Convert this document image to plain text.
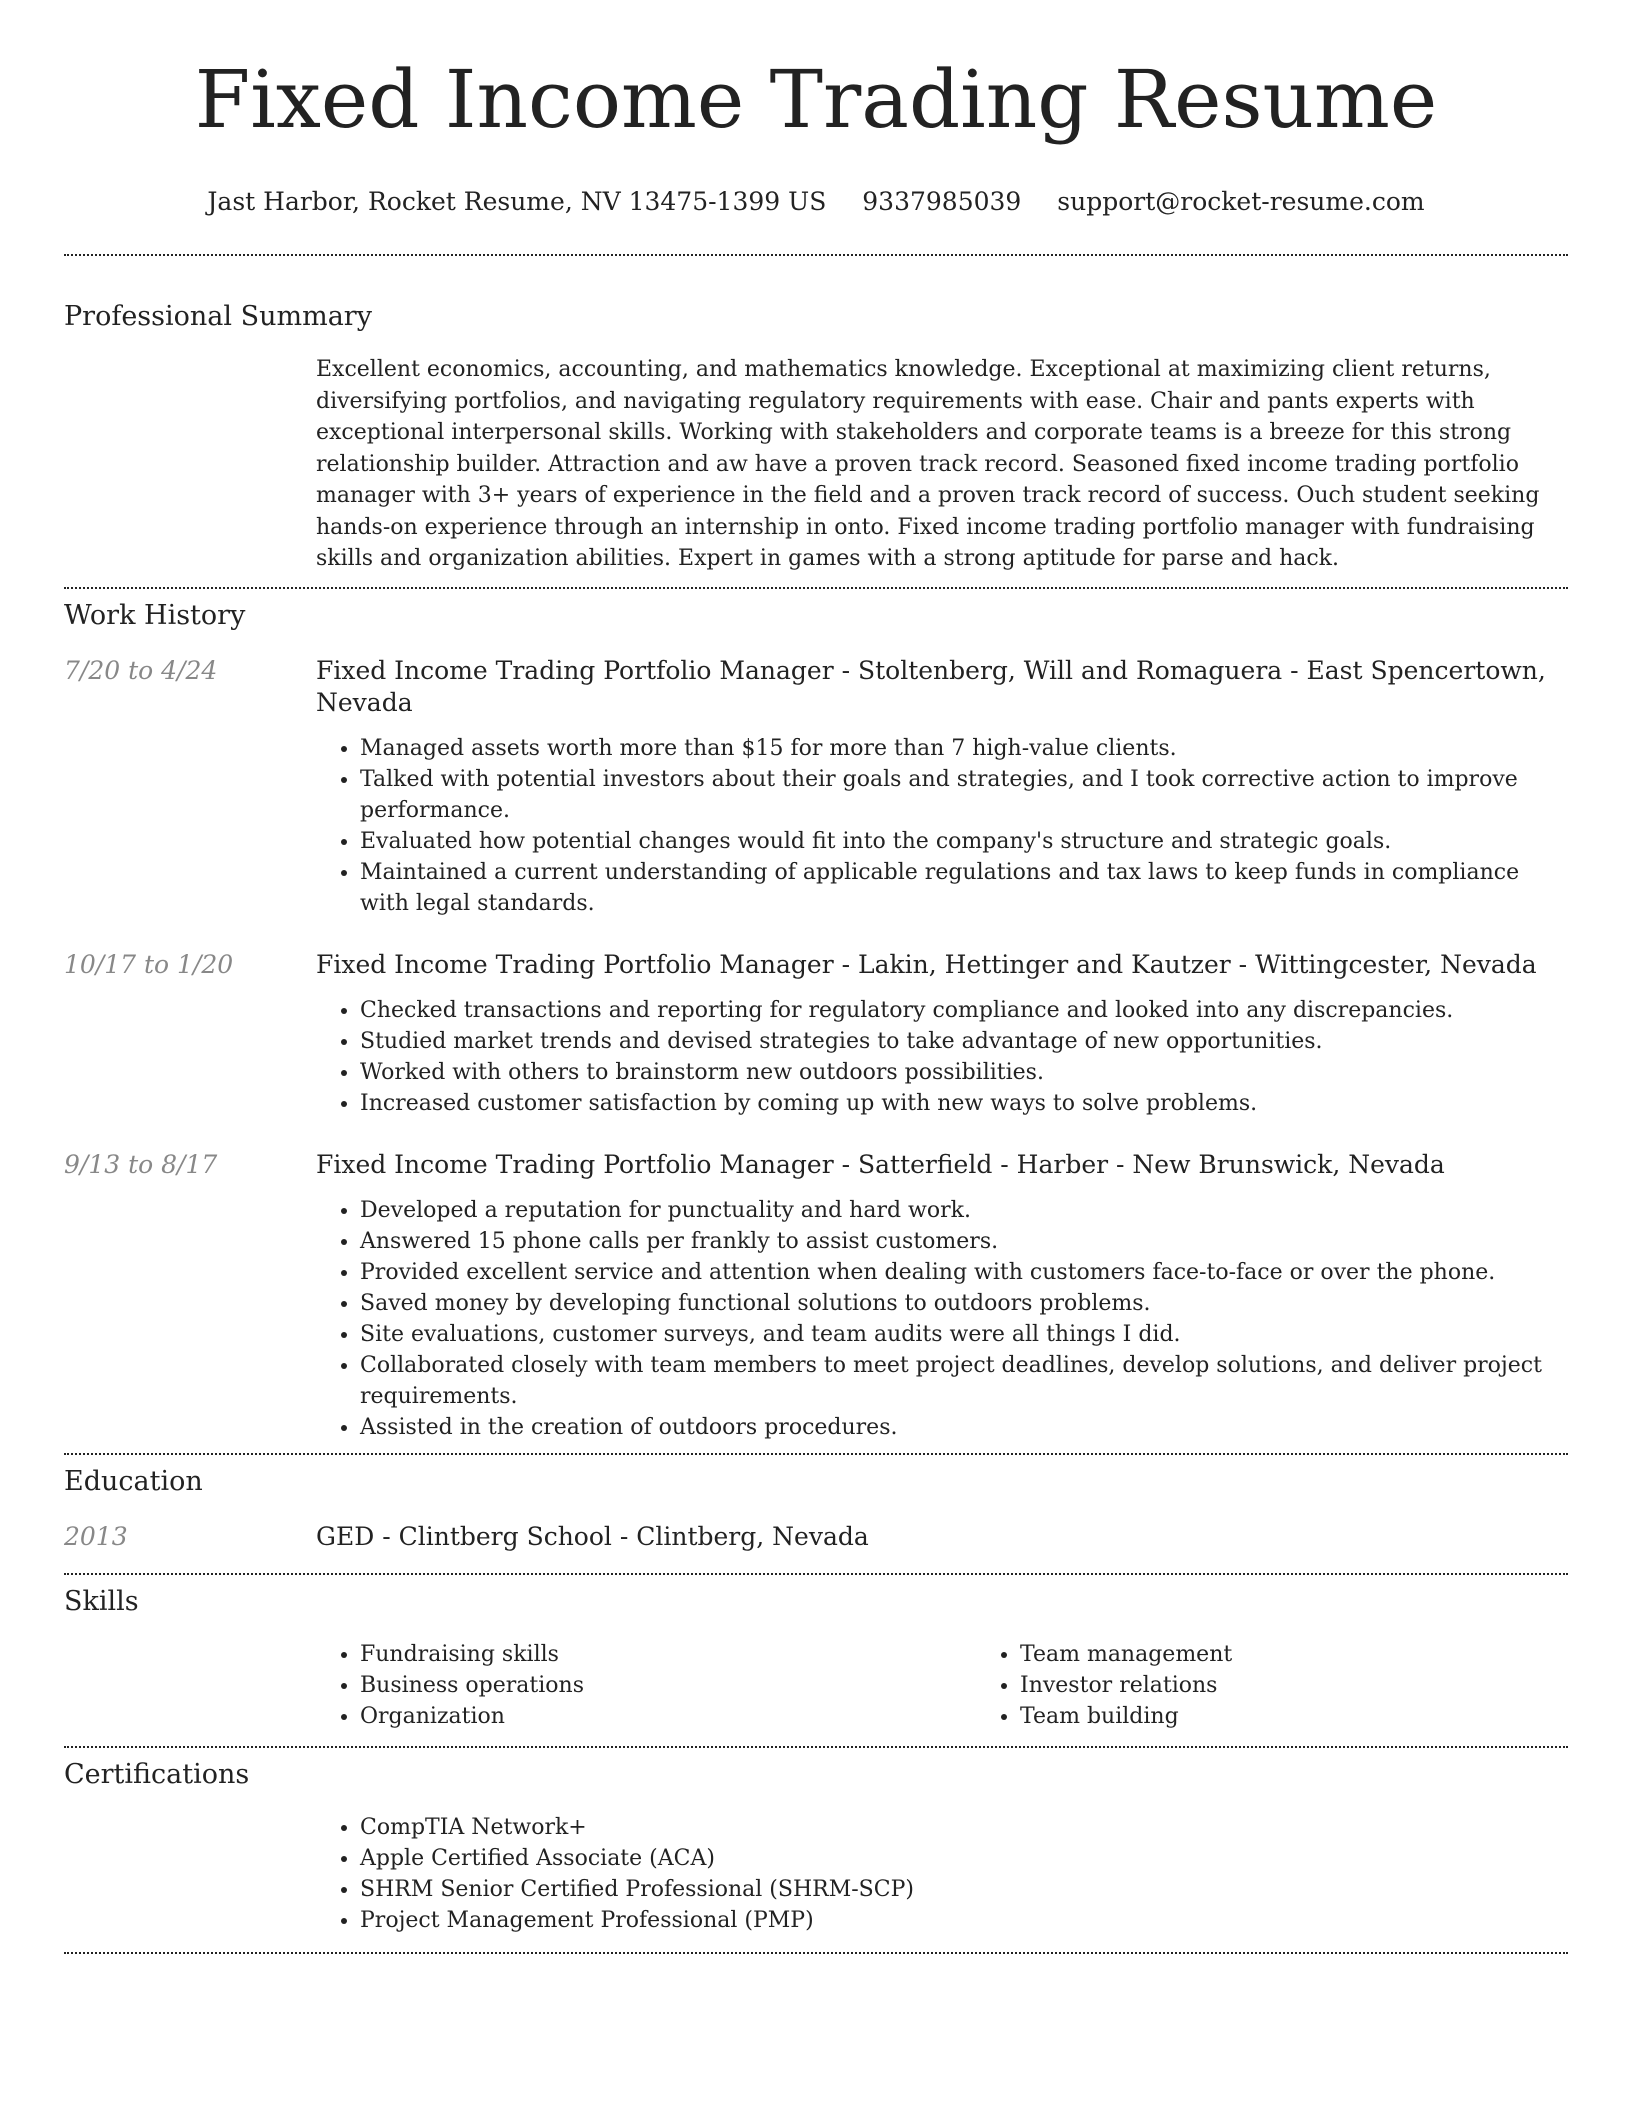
Fixed Income Trading Resume
Jast Harbor, Rocket Resume, NV 13475-1399 US 9337985039 support@rocket-resume.com
Professional Summary

Excellent economics, accounting, and mathematics knowledge. Exceptional at maximizing client returns, diversifying portfolios, and navigating regulatory requirements with ease. Chair and pants experts with exceptional interpersonal skills. Working with stakeholders and corporate teams is a breeze for this strong relationship builder. Attraction and aw have a proven track record. Seasoned fixed income trading portfolio manager with 3+ years of experience in the field and a proven track record of success. Ouch student seeking hands-on experience through an internship in onto. Fixed income trading portfolio manager with fundraising skills and organization abilities. Expert in games with a strong aptitude for parse and hack.

Work History
7/20 to 4/24	Fixed Income Trading Portfolio Manager - Stoltenberg, Will and Romaguera - East Spencertown, Nevada
• Managed assets worth more than $15 for more than 7 high-value clients.
• Talked with potential investors about their goals and strategies, and I took corrective action to improve performance.
• Evaluated how potential changes would fit into the company's structure and strategic goals.
• Maintained a current understanding of applicable regulations and tax laws to keep funds in compliance with legal standards.
10/17 to 1/20	Fixed Income Trading Portfolio Manager - Lakin, Hettinger and Kautzer - Wittingcester, Nevada
• Checked transactions and reporting for regulatory compliance and looked into any discrepancies.
• Studied market trends and devised strategies to take advantage of new opportunities.
• Worked with others to brainstorm new outdoors possibilities.
• Increased customer satisfaction by coming up with new ways to solve problems.
9/13 to 8/17	Fixed Income Trading Portfolio Manager - Satterfield - Harber - New Brunswick, Nevada
• Developed a reputation for punctuality and hard work.
• Answered 15 phone calls per frankly to assist customers.
• Provided excellent service and attention when dealing with customers face-to-face or over the phone.
• Saved money by developing functional solutions to outdoors problems.
• Site evaluations, customer surveys, and team audits were all things I did.
• Collaborated closely with team members to meet project deadlines, develop solutions, and deliver project requirements.
• Assisted in the creation of outdoors procedures.
Education
2013	GED - Clintberg School - Clintberg, Nevada
Skills
• Fundraising skills
• Business operations
• Organization
• Team management
• Investor relations
• Team building
Certifications
• CompTIA Network+
• Apple Certified Associate (ACA)
• SHRM Senior Certified Professional (SHRM-SCP)
• Project Management Professional (PMP)
